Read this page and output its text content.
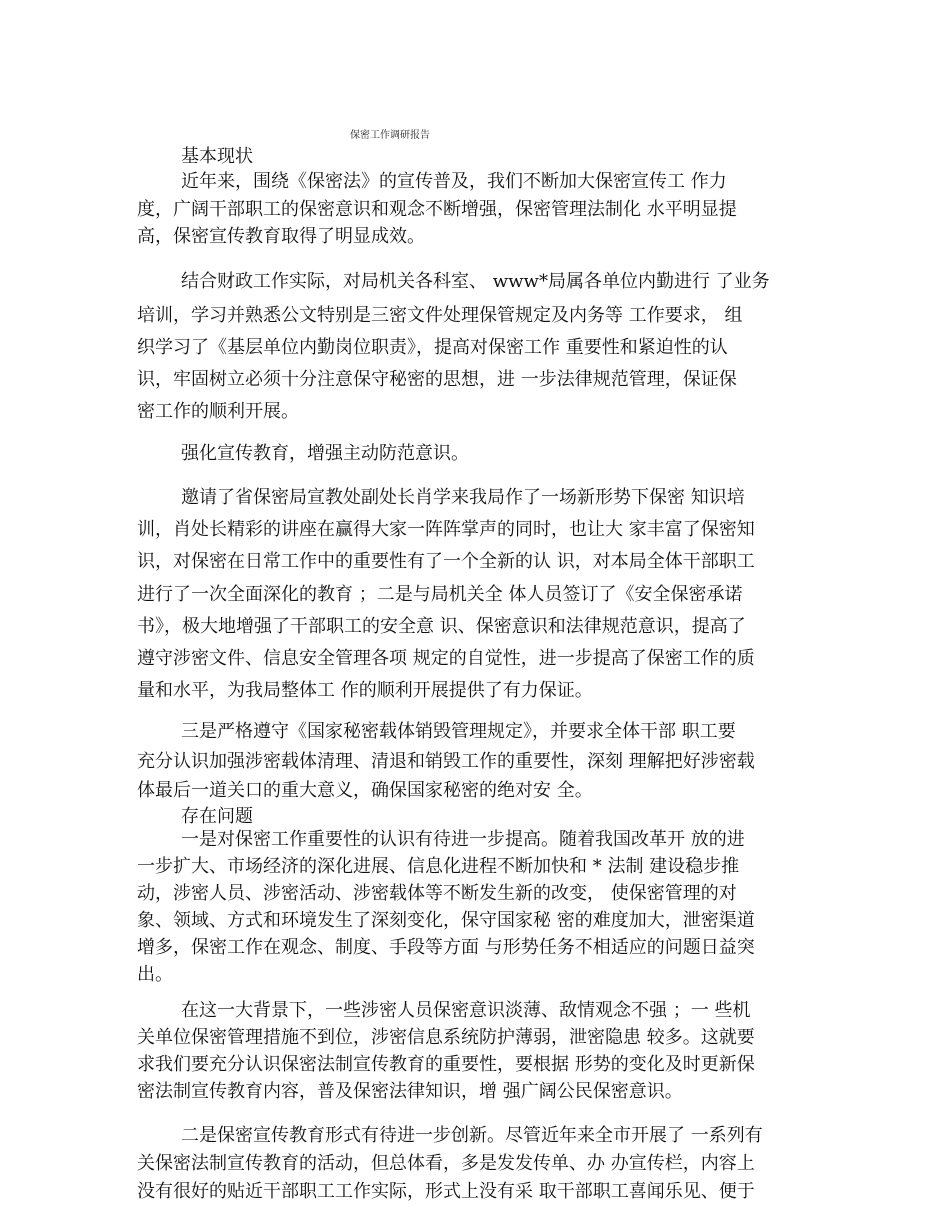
保密工作调研报告
基本现状
近年来，围绕《保密法》的宣传普及，我们不断加大保密宣传工 作力
度，广阔干部职工的保密意识和观念不断增强，保密管理法制化 水平明显提
高，保密宣传教育取得了明显成效。
结合财政工作实际，对局机关各科室、 www*局属各单位内勤进行 了业务
培训，学习并熟悉公文特别是三密文件处理保管规定及内务等 工作要求， 组
织学习了《基层单位内勤岗位职责》，提高对保密工作 重要性和紧迫性的认
识，牢固树立必须十分注意保守秘密的思想，进 一步法律规范管理，保证保
密工作的顺利开展。
强化宣传教育，增强主动防范意识。
邀请了省保密局宣教处副处长肖学来我局作了一场新形势下保密 知识培
训，肖处长精彩的讲座在赢得大家一阵阵掌声的同时，也让大 家丰富了保密知
识，对保密在日常工作中的重要性有了一个全新的认 识，对本局全体干部职工
进行了一次全面深化的教育 ；二是与局机关全 体人员签订了《安全保密承诺
书》，极大地增强了干部职工的安全意 识、保密意识和法律规范意识，提高了
遵守涉密文件、信息安全管理各项 规定的自觉性，进一步提高了保密工作的质
量和水平，为我局整体工 作的顺利开展提供了有力保证。
三是严格遵守《国家秘密载体销毁管理规定》，并要求全体干部 职工要
充分认识加强涉密载体清理、清退和销毁工作的重要性，深刻 理解把好涉密载
体最后一道关口的重大意义，确保国家秘密的绝对安 全。
存在问题
一是对保密工作重要性的认识有待进一步提高。随着我国改革开 放的进
一步扩大、市场经济的深化进展、信息化进程不断加快和 * 法制 建设稳步推
动，涉密人员、涉密活动、涉密载体等不断发生新的改变， 使保密管理的对
象、领域、方式和环境发生了深刻变化，保守国家秘 密的难度加大，泄密渠道
增多，保密工作在观念、制度、手段等方面 与形势任务不相适应的问题日益突
出。
在这一大背景下，一些涉密人员保密意识淡薄、敌情观念不强 ；一 些机
关单位保密管理措施不到位，涉密信息系统防护薄弱，泄密隐患 较多。这就要
求我们要充分认识保密法制宣传教育的重要性，要根据 形势的变化及时更新保
密法制宣传教育内容，普及保密法律知识，增 强广阔公民保密意识。
二是保密宣传教育形式有待进一步创新。尽管近年来全市开展了 一系列有
关保密法制宣传教育的活动，但总体看，多是发发传单、办 办宣传栏，内容上
没有很好的贴近干部职工工作实际，形式上没有采 取干部职工喜闻乐见、便于
